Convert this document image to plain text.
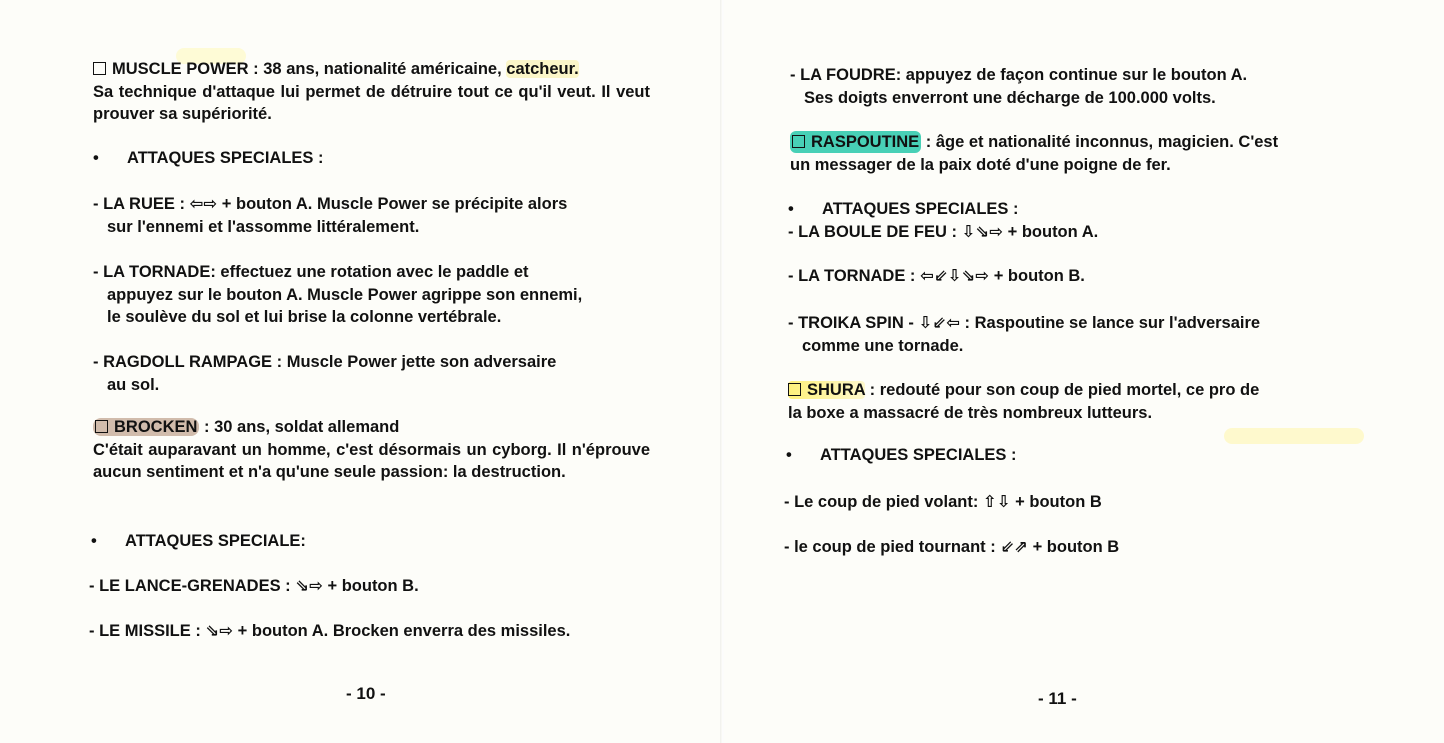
MUSCLE POWER : 38 ans, nationalité américaine, catcheur.

Sa technique d'attaque lui permet de détruire tout ce qu'il veut. Il veut prouver sa supériorité.

• ATTAQUES SPECIALES :

- LA RUEE : ⇦⇨ + bouton A. Muscle Power se précipite alors

sur l'ennemi et l'assomme littéralement.

- LA TORNADE: effectuez une rotation avec le paddle et

appuyez sur le bouton A. Muscle Power agrippe son ennemi,

le soulève du sol et lui brise la colonne vertébrale.

- RAGDOLL RAMPAGE : Muscle Power jette son adversaire

au sol.

BROCKEN : 30 ans, soldat allemand

C'était auparavant un homme, c'est désormais un cyborg. Il n'éprouve aucun sentiment et n'a qu'une seule passion: la destruction.

• ATTAQUES SPECIALE:

- LE LANCE-GRENADES : ⇘⇨ + bouton B.

- LE MISSILE : ⇘⇨ + bouton A. Brocken enverra des missiles.

- 10 -

- LA FOUDRE: appuyez de façon continue sur le bouton A.

Ses doigts enverront une décharge de 100.000 volts.

RASPOUTINE : âge et nationalité inconnus, magicien. C'est

un messager de la paix doté d'une poigne de fer.

• ATTAQUES SPECIALES :

- LA BOULE DE FEU : ⇩⇘⇨ + bouton A.

- LA TORNADE : ⇦⇙⇩⇘⇨ + bouton B.

- TROIKA SPIN - ⇩⇙⇦ : Raspoutine se lance sur l'adversaire

comme une tornade.

SHURA : redouté pour son coup de pied mortel, ce pro de

la boxe a massacré de très nombreux lutteurs.

• ATTAQUES SPECIALES :

- Le coup de pied volant: ⇧⇩ + bouton B

- le coup de pied tournant : ⇙⇗ + bouton B

- 11 -
